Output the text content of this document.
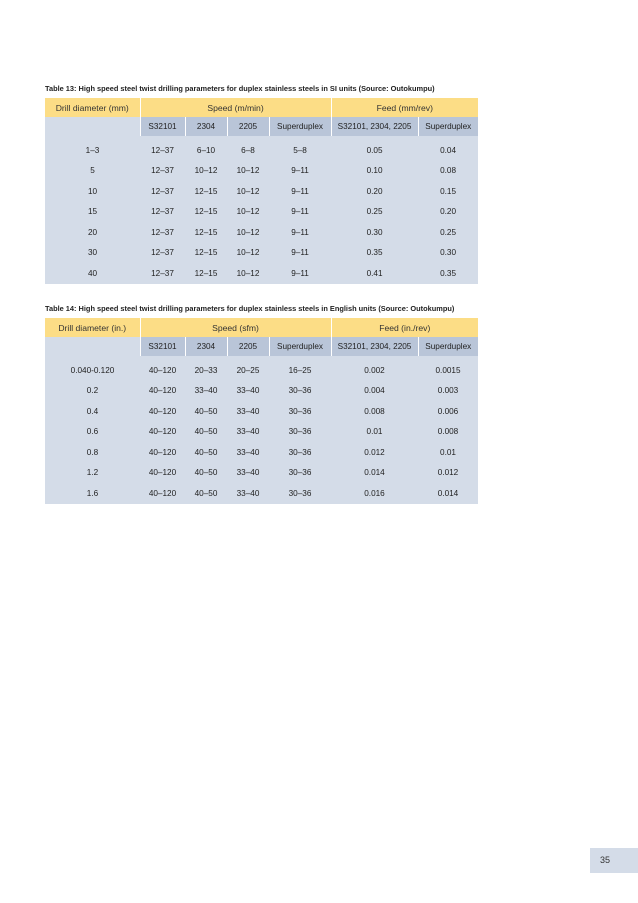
Table 13: High speed steel twist drilling parameters for duplex stainless steels in SI units (Source: Outokumpu)
Drill diameter (mm)	Speed (m/min)				Feed (mm/rev)	
	S32101	2304	2205	Superduplex	S32101, 2304, 2205	Superduplex
1–3	12–37	6–10	6–8	5–8	0.05	0.04
5	12–37	10–12	10–12	9–11	0.10	0.08
10	12–37	12–15	10–12	9–11	0.20	0.15
15	12–37	12–15	10–12	9–11	0.25	0.20
20	12–37	12–15	10–12	9–11	0.30	0.25
30	12–37	12–15	10–12	9–11	0.35	0.30
40	12–37	12–15	10–12	9–11	0.41	0.35
Table 14: High speed steel twist drilling parameters for duplex stainless steels in English units (Source: Outokumpu)
Drill diameter (in.)	Speed (sfm)				Feed (in./rev)	
	S32101	2304	2205	Superduplex	S32101, 2304, 2205	Superduplex
0.040-0.120	40–120	20–33	20–25	16–25	0.002	0.0015
0.2	40–120	33–40	33–40	30–36	0.004	0.003
0.4	40–120	40–50	33–40	30–36	0.008	0.006
0.6	40–120	40–50	33–40	30–36	0.01	0.008
0.8	40–120	40–50	33–40	30–36	0.012	0.01
1.2	40–120	40–50	33–40	30–36	0.014	0.012
1.6	40–120	40–50	33–40	30–36	0.016	0.014
35
